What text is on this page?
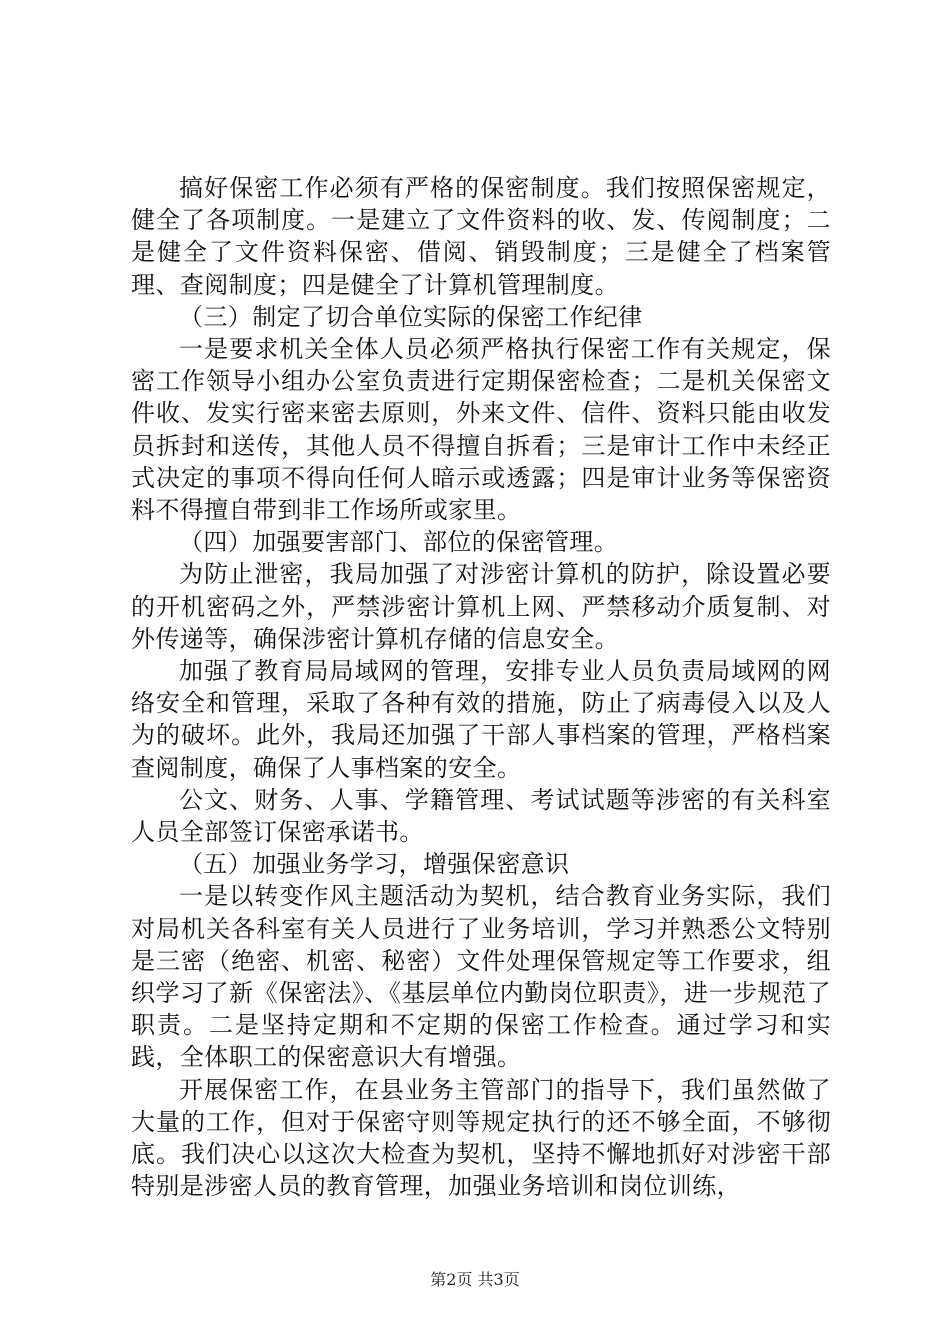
搞好保密工作必须有严格的保密制度。我们按照保密规定，健全了各项制度。一是建立了文件资料的收、发、传阅制度；二是健全了文件资料保密、借阅、销毁制度；三是健全了档案管理、查阅制度；四是健全了计算机管理制度。

（三）制定了切合单位实际的保密工作纪律

一是要求机关全体人员必须严格执行保密工作有关规定，保密工作领导小组办公室负责进行定期保密检查；二是机关保密文件收、发实行密来密去原则，外来文件、信件、资料只能由收发员拆封和送传，其他人员不得擅自拆看；三是审计工作中未经正式决定的事项不得向任何人暗示或透露；四是审计业务等保密资料不得擅自带到非工作场所或家里。

（四）加强要害部门、部位的保密管理。

为防止泄密，我局加强了对涉密计算机的防护，除设置必要的开机密码之外，严禁涉密计算机上网、严禁移动介质复制、对外传递等，确保涉密计算机存储的信息安全。

加强了教育局局域网的管理，安排专业人员负责局域网的网络安全和管理，采取了各种有效的措施，防止了病毒侵入以及人为的破坏。此外，我局还加强了干部人事档案的管理，严格档案查阅制度，确保了人事档案的安全。

公文、财务、人事、学籍管理、考试试题等涉密的有关科室人员全部签订保密承诺书。

（五）加强业务学习，增强保密意识

一是以转变作风主题活动为契机，结合教育业务实际，我们对局机关各科室有关人员进行了业务培训，学习并熟悉公文特别是三密（绝密、机密、秘密）文件处理保管规定等工作要求，组织学习了新《保密法》、《基层单位内勤岗位职责》，进一步规范了职责。二是坚持定期和不定期的保密工作检查。通过学习和实践，全体职工的保密意识大有增强。

开展保密工作，在县业务主管部门的指导下，我们虽然做了大量的工作，但对于保密守则等规定执行的还不够全面，不够彻底。我们决心以这次大检查为契机，坚持不懈地抓好对涉密干部特别是涉密人员的教育管理，加强业务培训和岗位训练，

第2页 共3页
